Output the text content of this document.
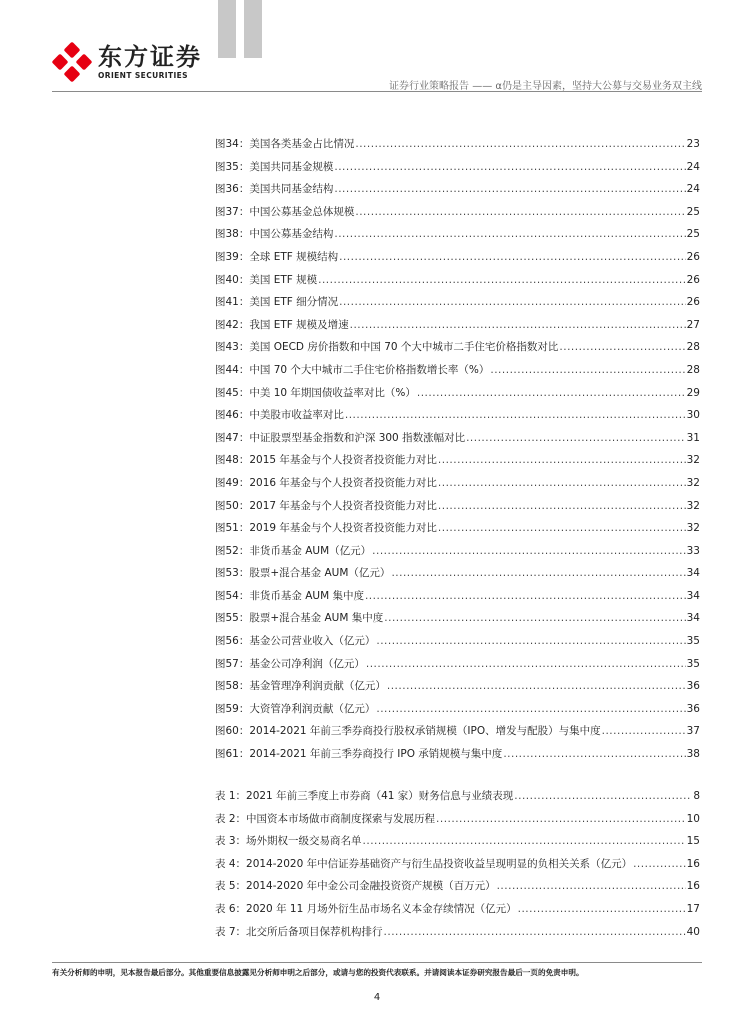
东方证券
ORIENT SECURITIES
证券行业策略报告 —— α仍是主导因素，坚持大公募与交易业务双主线
图34：美国各类基金占比情况 .....	23
图35：美国共同基金规模 .....	24
图36：美国共同基金结构 .....	24
图37：中国公募基金总体规模 .....	25
图38：中国公募基金结构 .....	25
图39：全球 ETF 规模结构 .....	26
图40：美国 ETF 规模 .....	26
图41：美国 ETF 细分情况 .....	26
图42：我国 ETF 规模及增速 .....	27
图43：美国 OECD 房价指数和中国 70 个大中城市二手住宅价格指数对比 .....	28
图44：中国 70 个大中城市二手住宅价格指数增长率（%） .....	28
图45：中美 10 年期国债收益率对比（%） .....	29
图46：中美股市收益率对比 .....	30
图47：中证股票型基金指数和沪深 300 指数涨幅对比 .....	31
图48：2015 年基金与个人投资者投资能力对比 .....	32
图49：2016 年基金与个人投资者投资能力对比 .....	32
图50：2017 年基金与个人投资者投资能力对比 .....	32
图51：2019 年基金与个人投资者投资能力对比 .....	32
图52：非货币基金 AUM（亿元） .....	33
图53：股票+混合基金 AUM（亿元） .....	34
图54：非货币基金 AUM 集中度 .....	34
图55：股票+混合基金 AUM 集中度 .....	34
图56：基金公司营业收入（亿元） .....	35
图57：基金公司净利润（亿元） .....	35
图58：基金管理净利润贡献（亿元） .....	36
图59：大资管净利润贡献（亿元） .....	36
图60：2014-2021 年前三季券商投行股权承销规模（IPO、增发与配股）与集中度 .....	37
图61：2014-2021 年前三季券商投行 IPO 承销规模与集中度 .....	38
表 1：2021 年前三季度上市券商（41 家）财务信息与业绩表现 .....	8
表 2：中国资本市场做市商制度探索与发展历程 .....	10
表 3：场外期权一级交易商名单 .....	15
表 4：2014-2020 年中信证券基础资产与衍生品投资收益呈现明显的负相关关系（亿元） .....	16
表 5：2014-2020 年中金公司金融投资资产规模（百万元） .....	16
表 6：2020 年 11 月场外衍生品市场名义本金存续情况（亿元） .....	17
表 7：北交所后备项目保荐机构排行 .....	40
有关分析师的申明，见本报告最后部分。其他重要信息披露见分析师申明之后部分，或请与您的投资代表联系。并请阅读本证券研究报告最后一页的免责申明。
4
